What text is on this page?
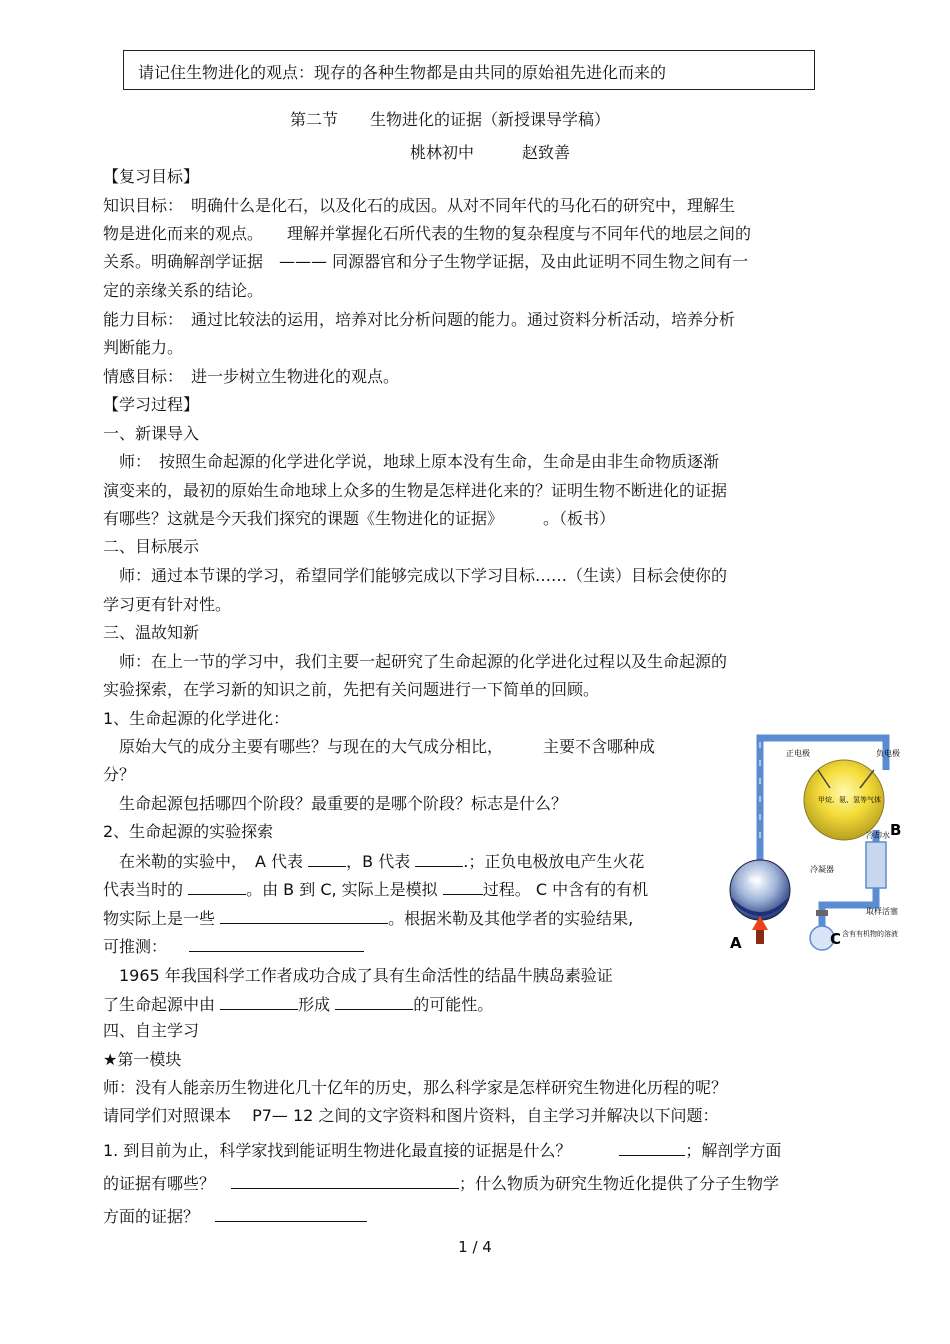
请记住生物进化的观点：现存的各种生物都是由共同的原始祖先进化而来的
第二节　　生物进化的证据（新授课导学稿）
桃林初中　　　赵致善
【复习目标】
知识目标：　明确什么是化石，以及化石的成因。从对不同年代的马化石的研究中，理解生
物是进化而来的观点。　　理解并掌握化石所代表的生物的复杂程度与不同年代的地层之间的
关系。明确解剖学证据　——— 同源器官和分子生物学证据，及由此证明不同生物之间有一
定的亲缘关系的结论。
能力目标：　通过比较法的运用，培养对比分析问题的能力。通过资料分析活动，培养分析
判断能力。
情感目标：　进一步树立生物进化的观点。
【学习过程】
一、新课导入
　师：　按照生命起源的化学进化学说，地球上原本没有生命，生命是由非生命物质逐渐
演变来的，最初的原始生命地球上众多的生物是怎样进化来的？证明生物不断进化的证据
有哪些？这就是今天我们探究的课题《生物进化的证据》　　　。（板书）
二、目标展示
　师：通过本节课的学习，希望同学们能够完成以下学习目标……（生读）目标会使你的
学习更有针对性。
三、温故知新
　师：在上一节的学习中，我们主要一起研究了生命起源的化学进化过程以及生命起源的
实验探索，在学习新的知识之前，先把有关问题进行一下简单的回顾。
1、生命起源的化学进化：
　原始大气的成分主要有哪些？与现在的大气成分相比，　　　主要不含哪种成
分？
　生命起源包括哪四个阶段？最重要的是哪个阶段？标志是什么？
2、生命起源的实验探索
　在米勒的实验中，　A 代表 ，B 代表	.；正负电极放电产生火花
代表当时的	。由 B 到 C, 实际上是模拟	过程。 C 中含有的有机
物实际上是一些	。根据米勒及其他学者的实验结果,
可推测：
　1965 年我国科学工作者成功合成了具有生命活性的结晶牛胰岛素验证
了生命起源中由	形成	的可能性。
四、自主学习
★第一模块
师：没有人能亲历生物进化几十亿年的历史，那么科学家是怎样研究生物进化历程的呢？
请同学们对照课本　 P7— 12 之间的文字资料和图片资料，自主学习并解决以下问题：
1. 到目前为止，科学家找到能证明生物进化最直接的证据是什么？　　　	；解剖学方面
的证据有哪些？　	；什么物质为研究生物近化提供了分子生物学
方面的证据？　
正电极	负电极
甲烷、氨、氢等气体
沸水
冷凝器
冷却水
取样活塞
含有有机物的溶液
B
A	C
1 / 4
